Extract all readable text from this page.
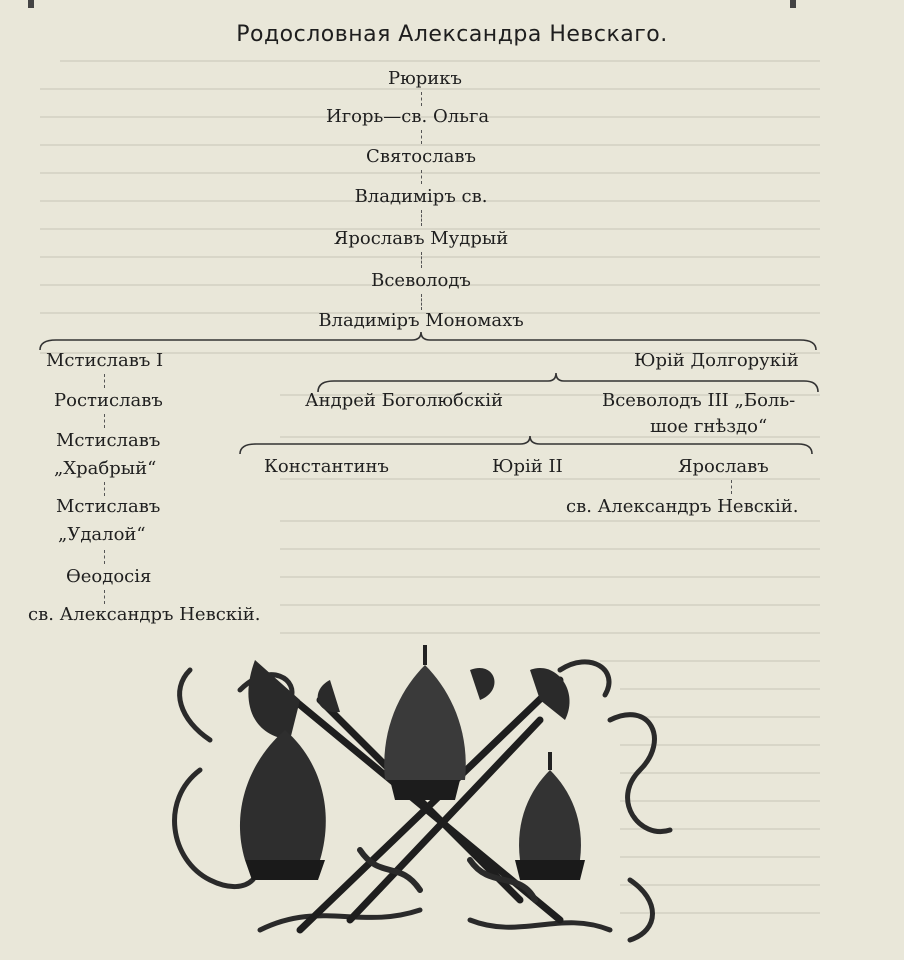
Родословная Александра Невскаго.
Рюрикъ
Игорь—св. Ольга
Святославъ
Владимiръ св.
Ярославъ Мудрый
Всеволодъ
Владимiръ Мономахъ
Мстиславъ I
Ростиславъ
Мстиславъ
„Храбрый“
Мстиславъ
„Удалой“
Өеодосiя
св. Александръ Невскiй.
Юрiй Долгорукiй
Андрей Боголюбскiй	Всеволодъ III „Боль-
шое гнѣздо“
Константинъ	Юрiй II	Ярославъ
св. Александръ Невскiй.
